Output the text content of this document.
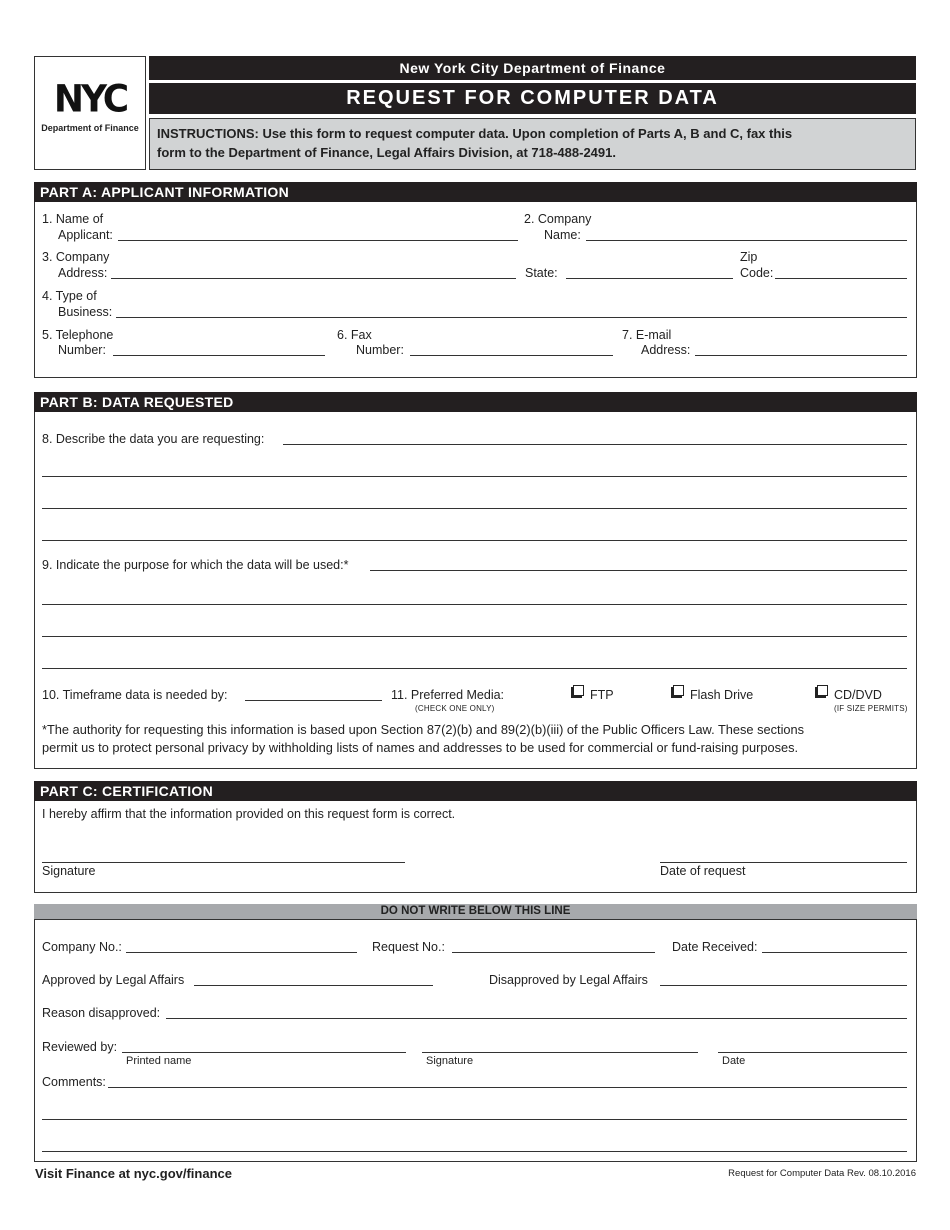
NYC
Department of Finance
New York City Department of Finance
REQUEST FOR COMPUTER DATA
INSTRUCTIONS: Use this form to request computer data. Upon completion of Parts A, B and C, fax this
form to the Department of Finance, Legal Affairs Division, at 718-488-2491.
PART A: APPLICANT INFORMATION
1. Name of
Applicant:
2. Company
Name:
3. Company
Address:	State:
Zip
Code:
4. Type of
Business:
5. Telephone
Number:
6. Fax
Number:
7. E-mail
Address:
PART B: DATA REQUESTED
8. Describe the data you are requesting:
9. Indicate the purpose for which the data will be used:*
10. Timeframe data is needed by:	11. Preferred Media:
(CHECK ONE ONLY)
FTP	Flash Drive	CD/DVD
(IF SIZE PERMITS)
*The authority for requesting this information is based upon Section 87(2)(b) and 89(2)(b)(iii) of the Public Officers Law. These sections
permit us to protect personal privacy by withholding lists of names and addresses to be used for commercial or fund-raising purposes.
PART C: CERTIFICATION
I hereby affirm that the information provided on this request form is correct.
Signature	Date of request
DO NOT WRITE BELOW THIS LINE
Company No.:	Request No.:	Date Received:
Approved by Legal Affairs	Disapproved by Legal Affairs
Reason disapproved:
Reviewed by:
Printed name	Signature	Date
Comments:
Visit Finance at nyc.gov/finance	Request for Computer Data Rev. 08.10.2016
